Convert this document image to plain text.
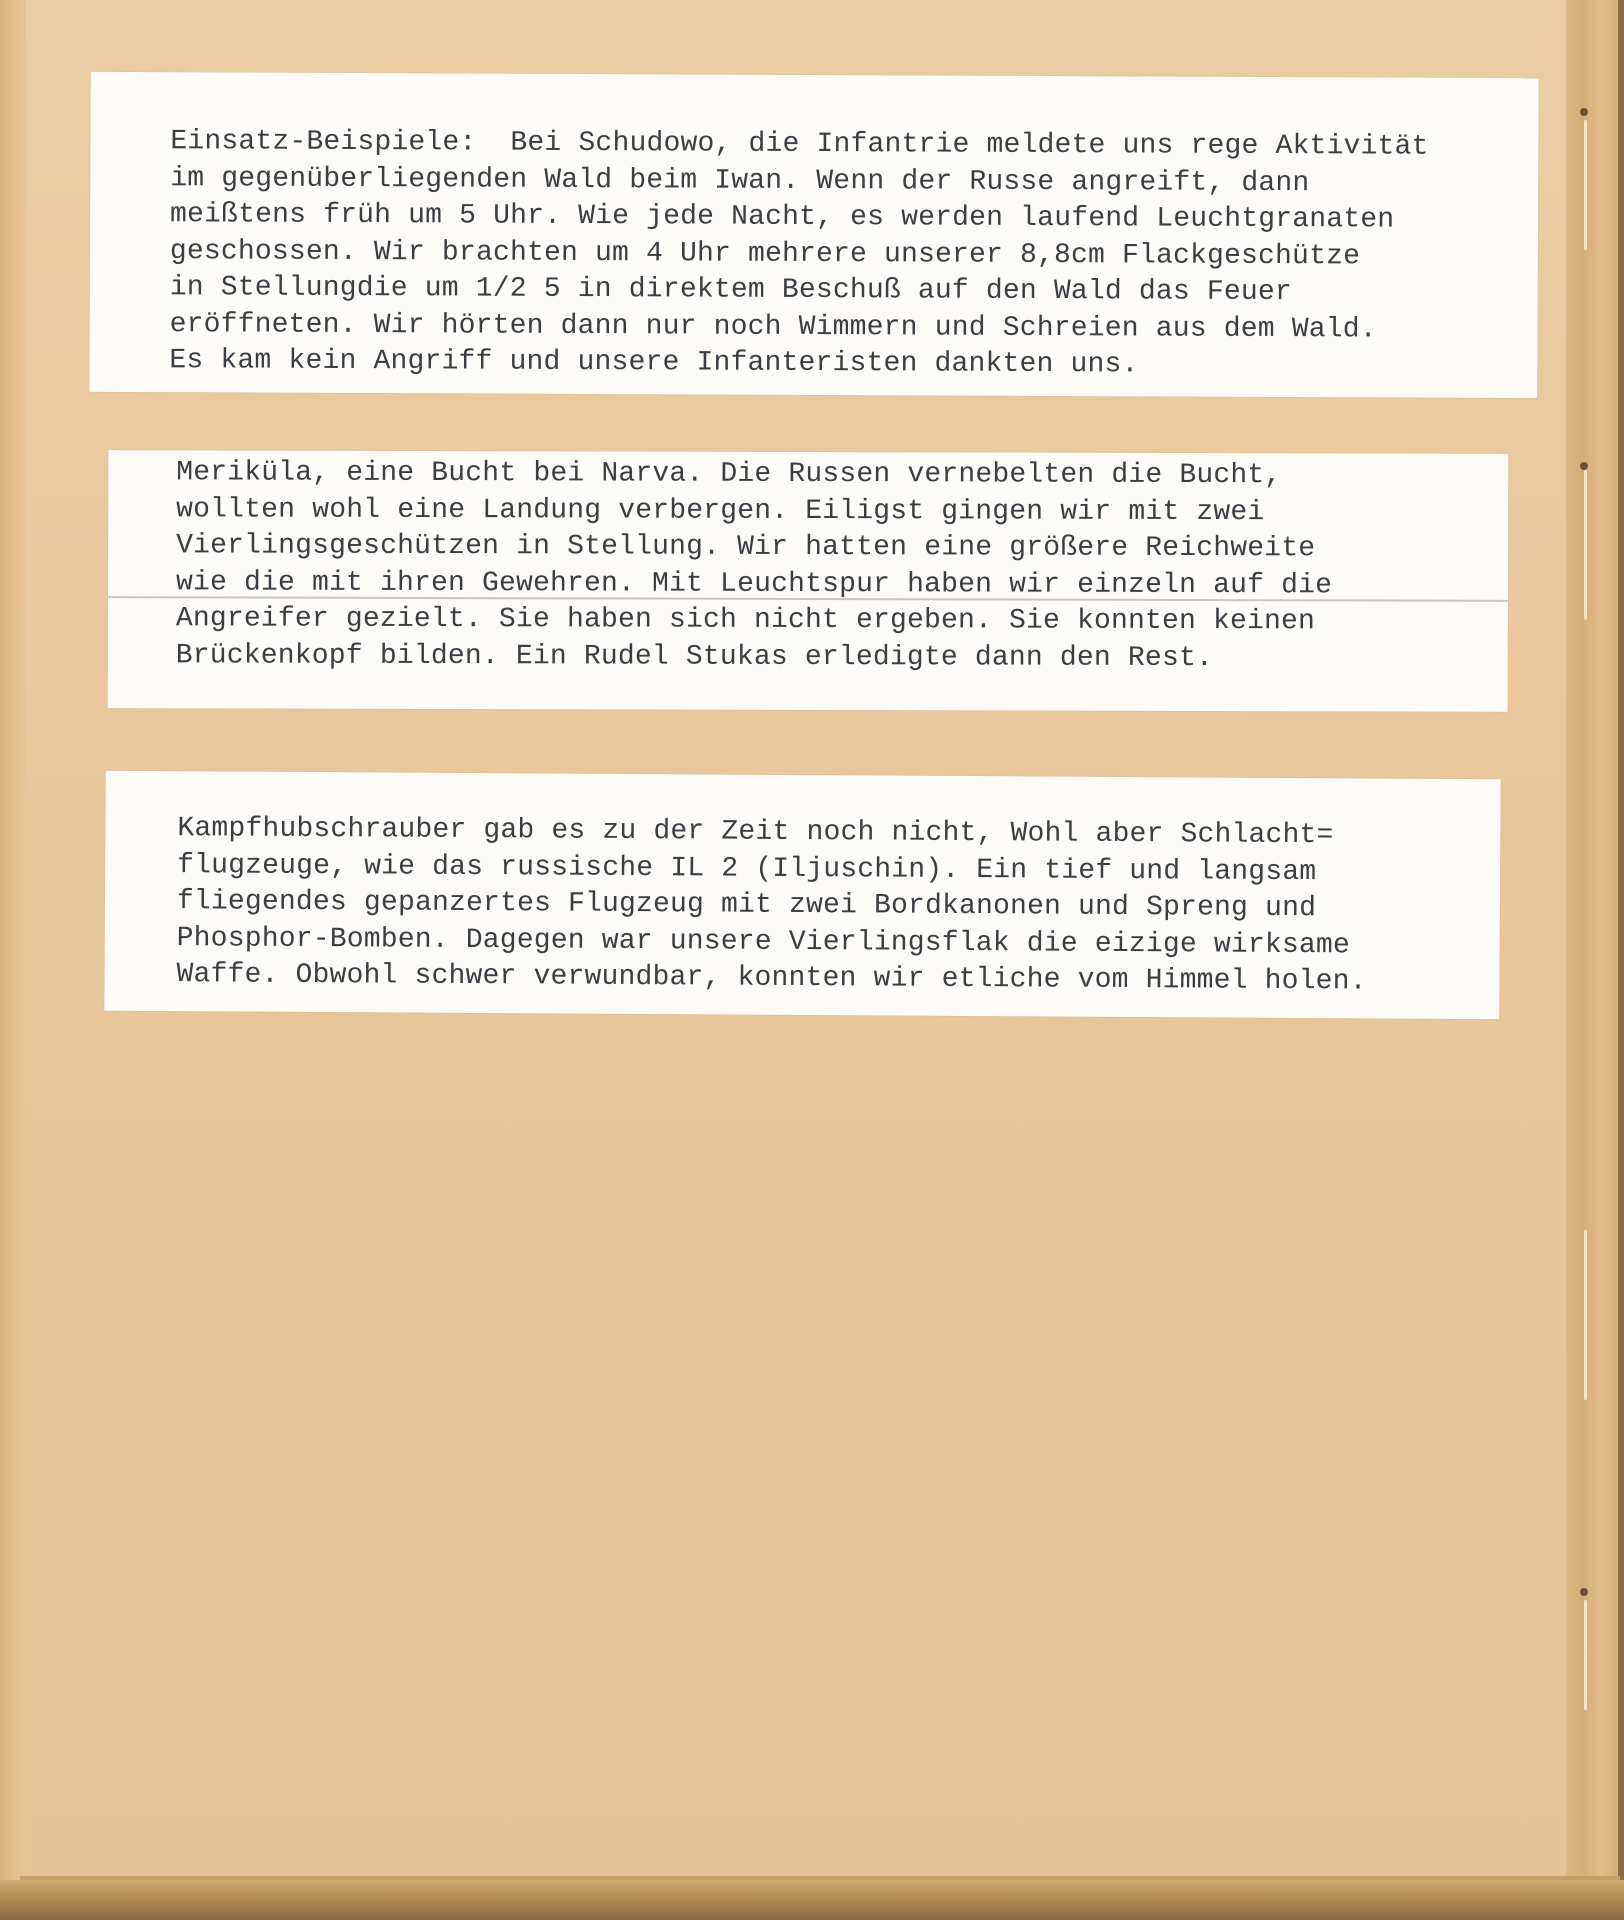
Einsatz-Beispiele:  Bei Schudowo, die Infantrie meldete uns rege Aktivität
im gegenüberliegenden Wald beim Iwan. Wenn der Russe angreift, dann
meißtens früh um 5 Uhr. Wie jede Nacht, es werden laufend Leuchtgranaten
geschossen. Wir brachten um 4 Uhr mehrere unserer 8,8cm Flackgeschütze
in Stellungdie um 1/2 5 in direktem Beschuß auf den Wald das Feuer
eröffneten. Wir hörten dann nur noch Wimmern und Schreien aus dem Wald.
Es kam kein Angriff und unsere Infanteristen dankten uns.

Meriküla, eine Bucht bei Narva. Die Russen vernebelten die Bucht,
wollten wohl eine Landung verbergen. Eiligst gingen wir mit zwei
Vierlingsgeschützen in Stellung. Wir hatten eine größere Reichweite
wie die mit ihren Gewehren. Mit Leuchtspur haben wir einzeln auf die
Angreifer gezielt. Sie haben sich nicht ergeben. Sie konnten keinen
Brückenkopf bilden. Ein Rudel Stukas erledigte dann den Rest.

Kampfhubschrauber gab es zu der Zeit noch nicht, Wohl aber Schlacht=
flugzeuge, wie das russische IL 2 (Iljuschin). Ein tief und langsam
fliegendes gepanzertes Flugzeug mit zwei Bordkanonen und Spreng und
Phosphor-Bomben. Dagegen war unsere Vierlingsflak die eizige wirksame
Waffe. Obwohl schwer verwundbar, konnten wir etliche vom Himmel holen.
